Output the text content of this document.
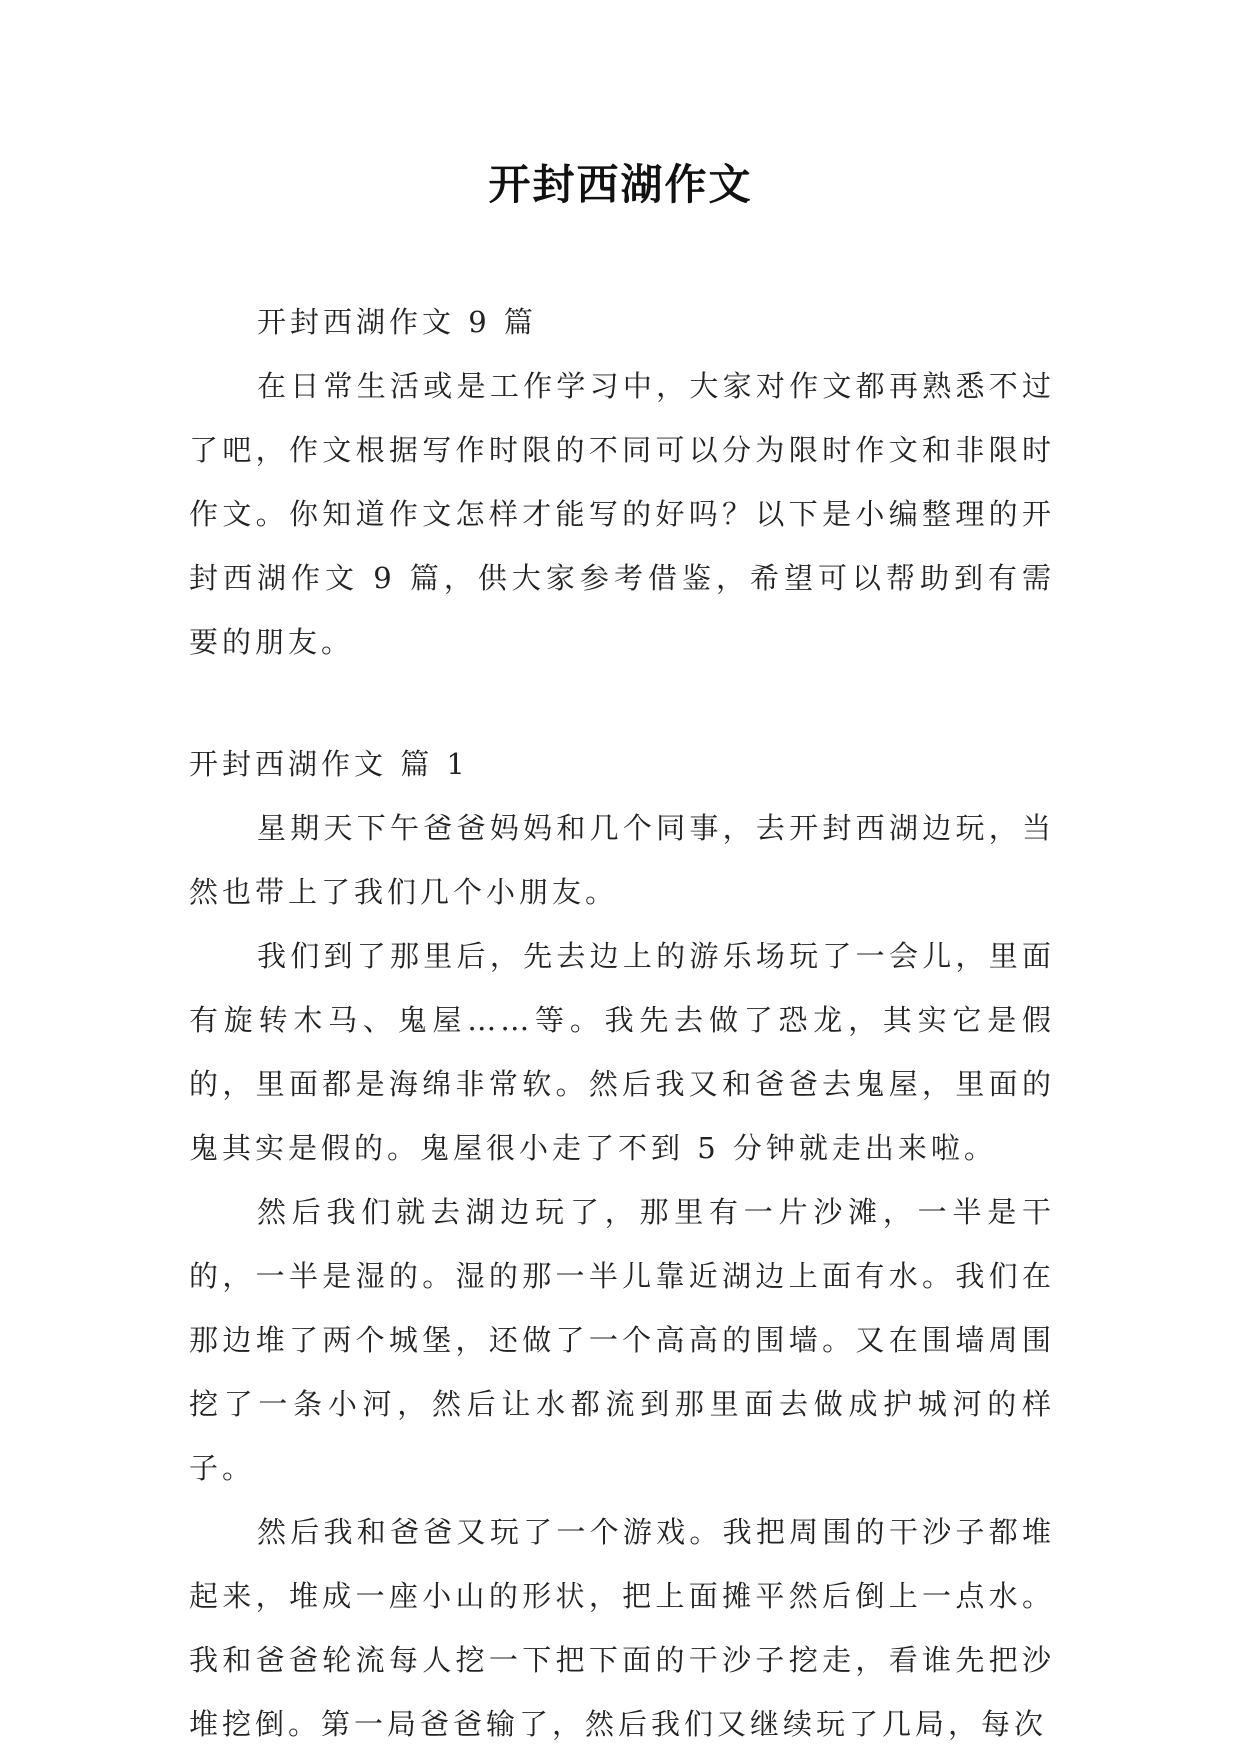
开封西湖作文

开封西湖作文 9 篇

在日常生活或是工作学习中，大家对作文都再熟悉不过了吧，作文根据写作时限的不同可以分为限时作文和非限时作文。你知道作文怎样才能写的好吗？以下是小编整理的开封西湖作文 9 篇，供大家参考借鉴，希望可以帮助到有需要的朋友。

开封西湖作文 篇 1

星期天下午爸爸妈妈和几个同事，去开封西湖边玩，当然也带上了我们几个小朋友。

我们到了那里后，先去边上的游乐场玩了一会儿，里面有旋转木马、鬼屋……等。我先去做了恐龙，其实它是假的，里面都是海绵非常软。然后我又和爸爸去鬼屋，里面的鬼其实是假的。鬼屋很小走了不到 5 分钟就走出来啦。

然后我们就去湖边玩了，那里有一片沙滩，一半是干的，一半是湿的。湿的那一半儿靠近湖边上面有水。我们在那边堆了两个城堡，还做了一个高高的围墙。又在围墙周围挖了一条小河，然后让水都流到那里面去做成护城河的样子。

然后我和爸爸又玩了一个游戏。我把周围的干沙子都堆起来，堆成一座小山的形状，把上面摊平然后倒上一点水。我和爸爸轮流每人挖一下把下面的干沙子挖走，看谁先把沙堆挖倒。第一局爸爸输了，然后我们又继续玩了几局，每次
